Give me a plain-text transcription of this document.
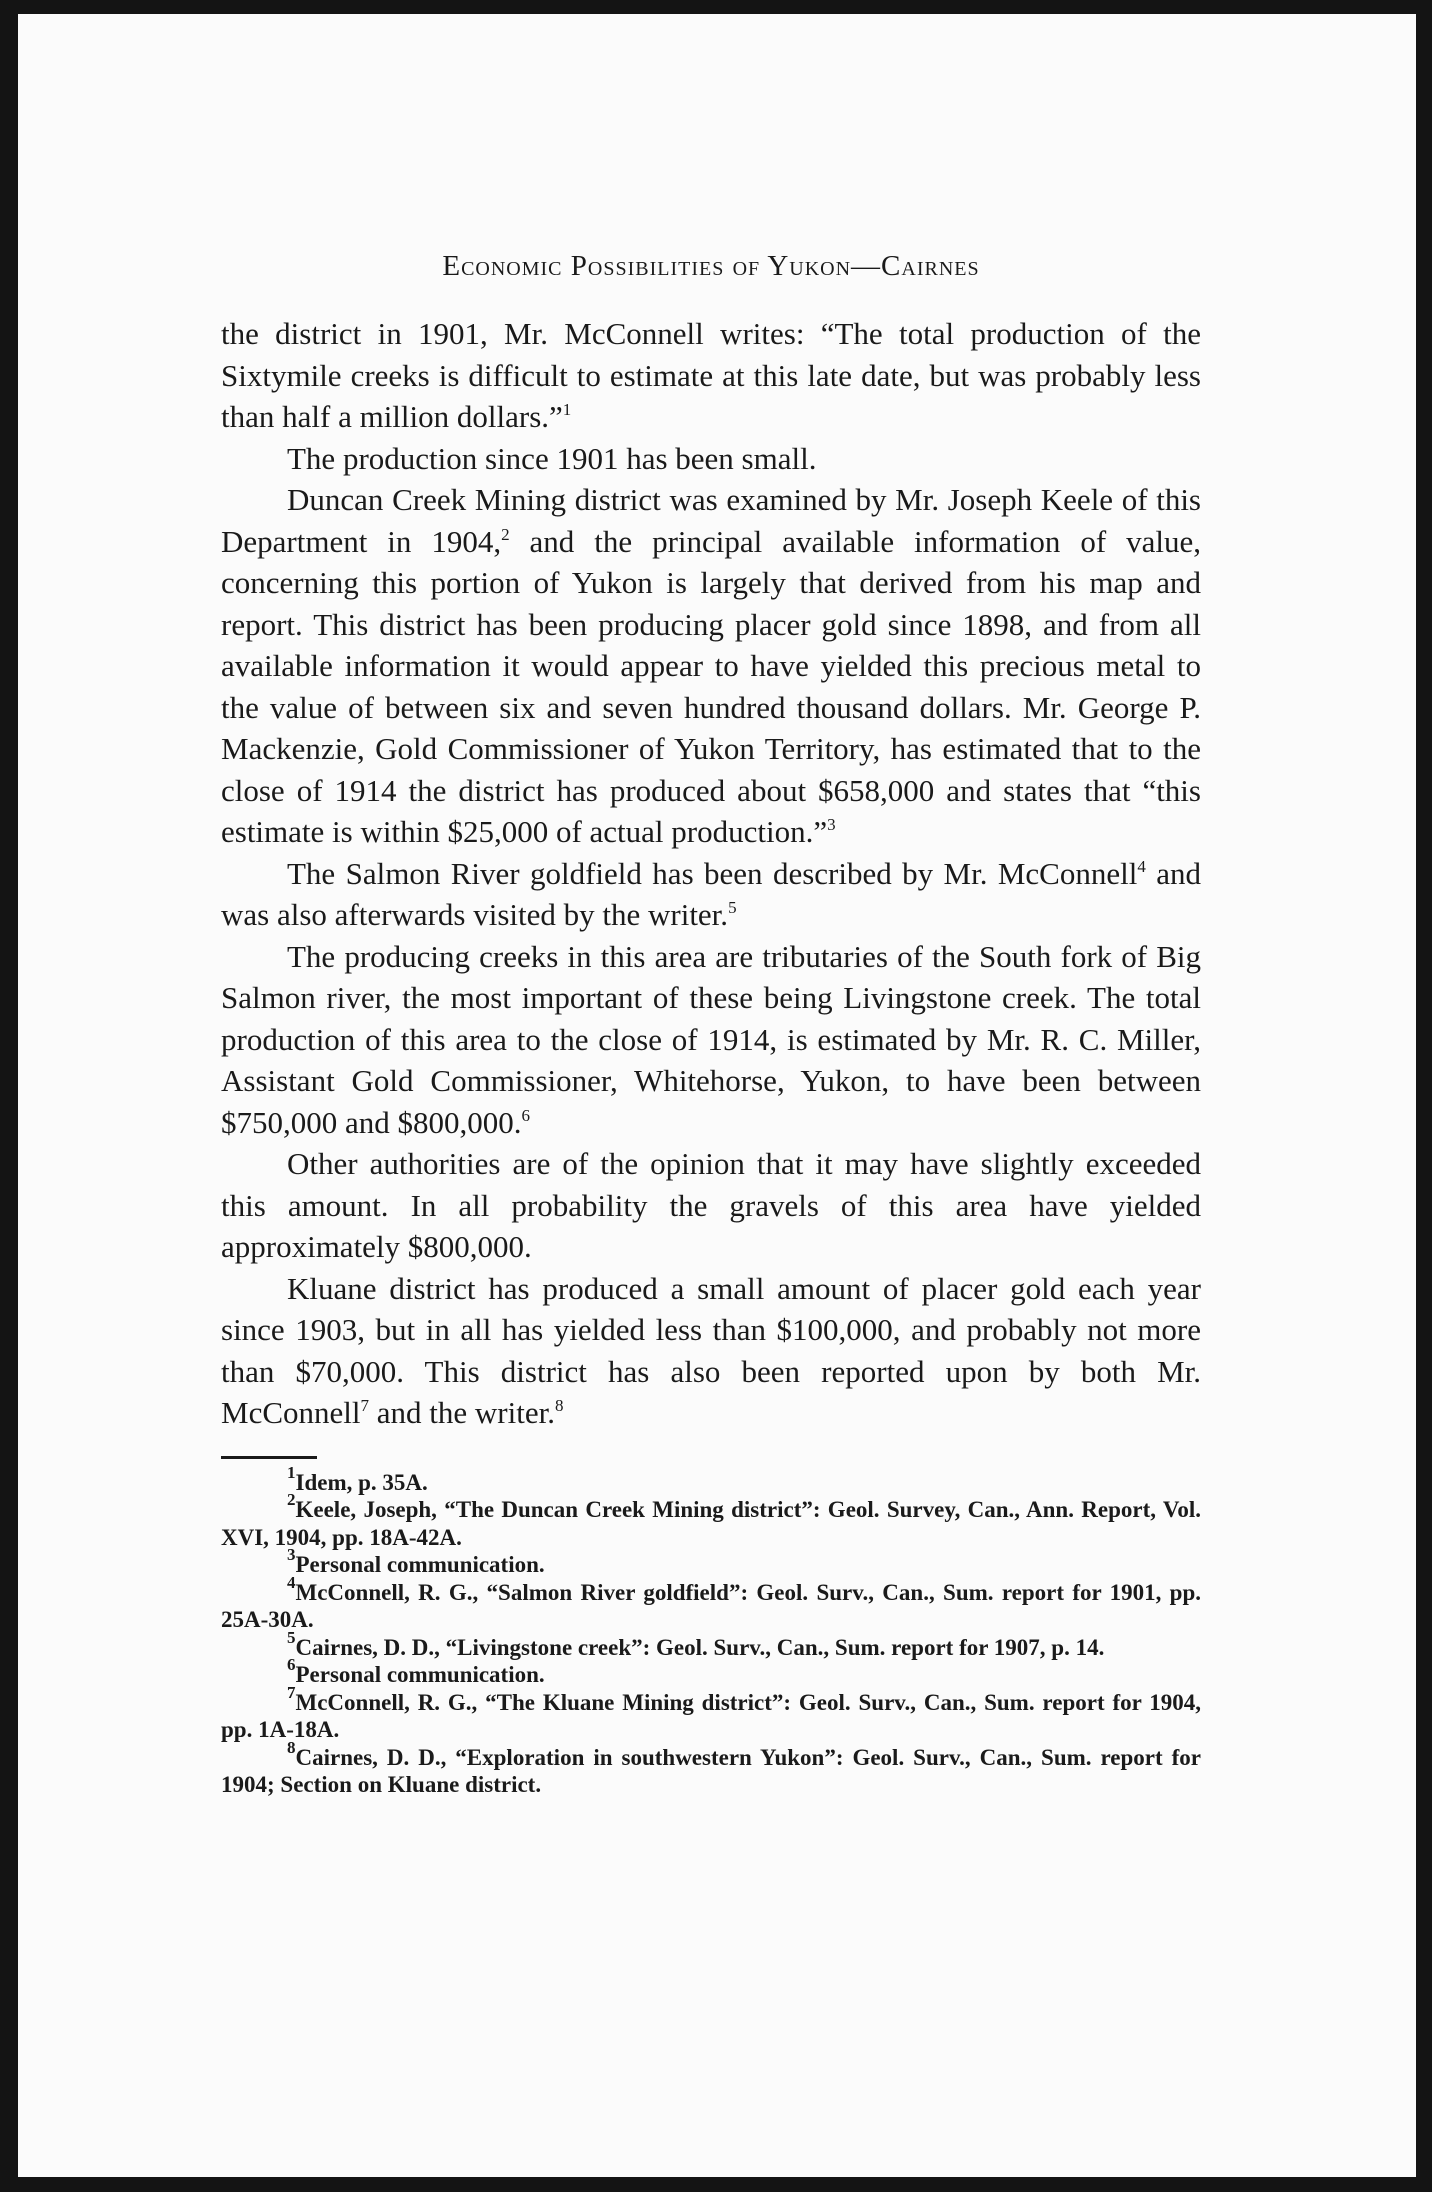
Economic Possibilities of Yukon—Cairnes

the district in 1901, Mr. McConnell writes: “The total production of the Sixtymile creeks is difficult to estimate at this late date, but was probably less than half a million dollars.”$^1$

The production since 1901 has been small.

Duncan Creek Mining district was examined by Mr. Joseph Keele of this Department in 1904,$^2$ and the principal available information of value, concerning this portion of Yukon is largely that derived from his map and report. This district has been producing placer gold since 1898, and from all available information it would appear to have yielded this precious metal to the value of between six and seven hundred thousand dollars. Mr. George P. Mackenzie, Gold Commissioner of Yukon Territory, has estimated that to the close of 1914 the district has produced about $658,000 and states that “this estimate is within $25,000 of actual production.”$^3$

The Salmon River goldfield has been described by Mr. McConnell$^4$ and was also afterwards visited by the writer.$^5$

The producing creeks in this area are tributaries of the South fork of Big Salmon river, the most important of these being Livingstone creek. The total production of this area to the close of 1914, is estimated by Mr. R. C. Miller, Assistant Gold Commissioner, Whitehorse, Yukon, to have been between $750,000 and $800,000.$^6$

Other authorities are of the opinion that it may have slightly exceeded this amount. In all probability the gravels of this area have yielded approximately $800,000.

Kluane district has produced a small amount of placer gold each year since 1903, but in all has yielded less than $100,000, and probably not more than $70,000. This district has also been reported upon by both Mr. McConnell$^7$ and the writer.$^8$

$^1$Idem, p. 35A.

$^2$Keele, Joseph, “The Duncan Creek Mining district”: Geol. Survey, Can., Ann. Report, Vol. XVI, 1904, pp. 18A-42A.

$^3$Personal communication.

$^4$McConnell, R. G., “Salmon River goldfield”: Geol. Surv., Can., Sum. report for 1901, pp. 25A-30A.

$^5$Cairnes, D. D., “Livingstone creek”: Geol. Surv., Can., Sum. report for 1907, p. 14.

$^6$Personal communication.

$^7$McConnell, R. G., “The Kluane Mining district”: Geol. Surv., Can., Sum. report for 1904, pp. 1A-18A.

$^8$Cairnes, D. D., “Exploration in southwestern Yukon”: Geol. Surv., Can., Sum. report for 1904; Section on Kluane district.
